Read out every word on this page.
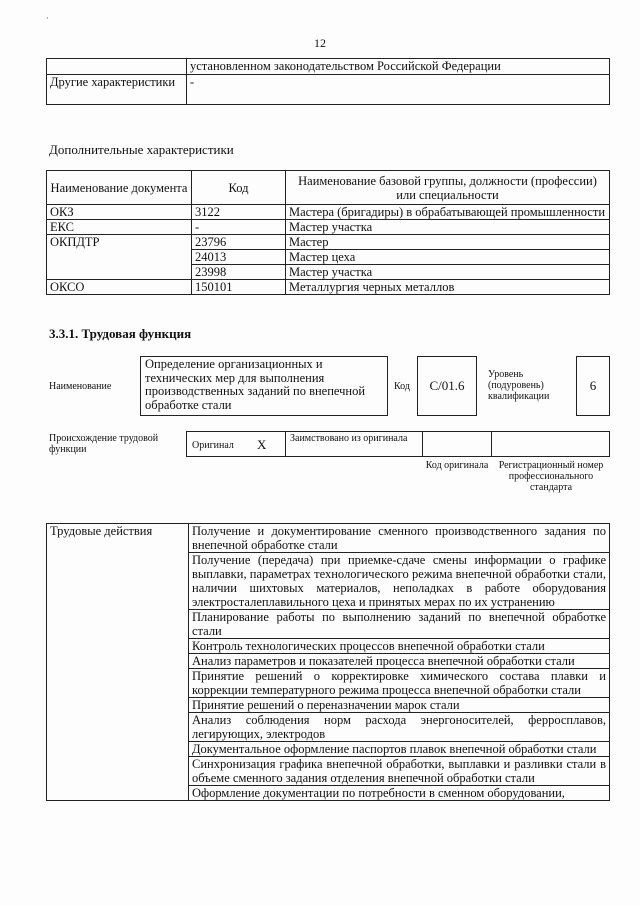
·
12
	установленном законодательством Российской Федерации
Другие характеристики	-
Дополнительные характеристики
Наименование документа	Код	Наименование базовой группы, должности (профессии) или специальности
ОКЗ	3122	Мастера (бригадиры) в обрабатывающей промышленности
ЕКС	-	Мастер участка
ОКПДТР	23796	Мастер
	24013	Мастер цеха
	23998	Мастер участка
ОКСО	150101	Металлургия черных металлов
3.3.1. Трудовая функция
Наименование
Определение организационных и технических мер для выполнения производственных заданий по внепечной обработке стали
Код	С/01.6
Уровень (подуровень) квалификации
6
Происхождение трудовой функции	Оригинал X	Заимствовано из оригинала
Код оригинала	Регистрационный номер профессионального стандарта
Трудовые действия	Получение и документирование сменного производственного задания по внепечной обработке стали
Получение (передача) при приемке-сдаче смены информации о графике выплавки, параметрах технологического режима внепечной обработки стали, наличии шихтовых материалов, неполадках в работе оборудования электросталеплавильного цеха и принятых мерах по их устранению
Планирование работы по выполнению заданий по внепечной обработке стали
Контроль технологических процессов внепечной обработки стали
Анализ параметров и показателей процесса внепечной обработки стали
Принятие решений о корректировке химического состава плавки и коррекции температурного режима процесса внепечной обработки стали
Принятие решений о переназначении марок стали
Анализ соблюдения норм расхода энергоносителей, ферросплавов, легирующих, электродов
Документальное оформление паспортов плавок внепечной обработки стали
Синхронизация графика внепечной обработки, выплавки и разливки стали в объеме сменного задания отделения внепечной обработки стали
Оформление документации по потребности в сменном оборудовании,
